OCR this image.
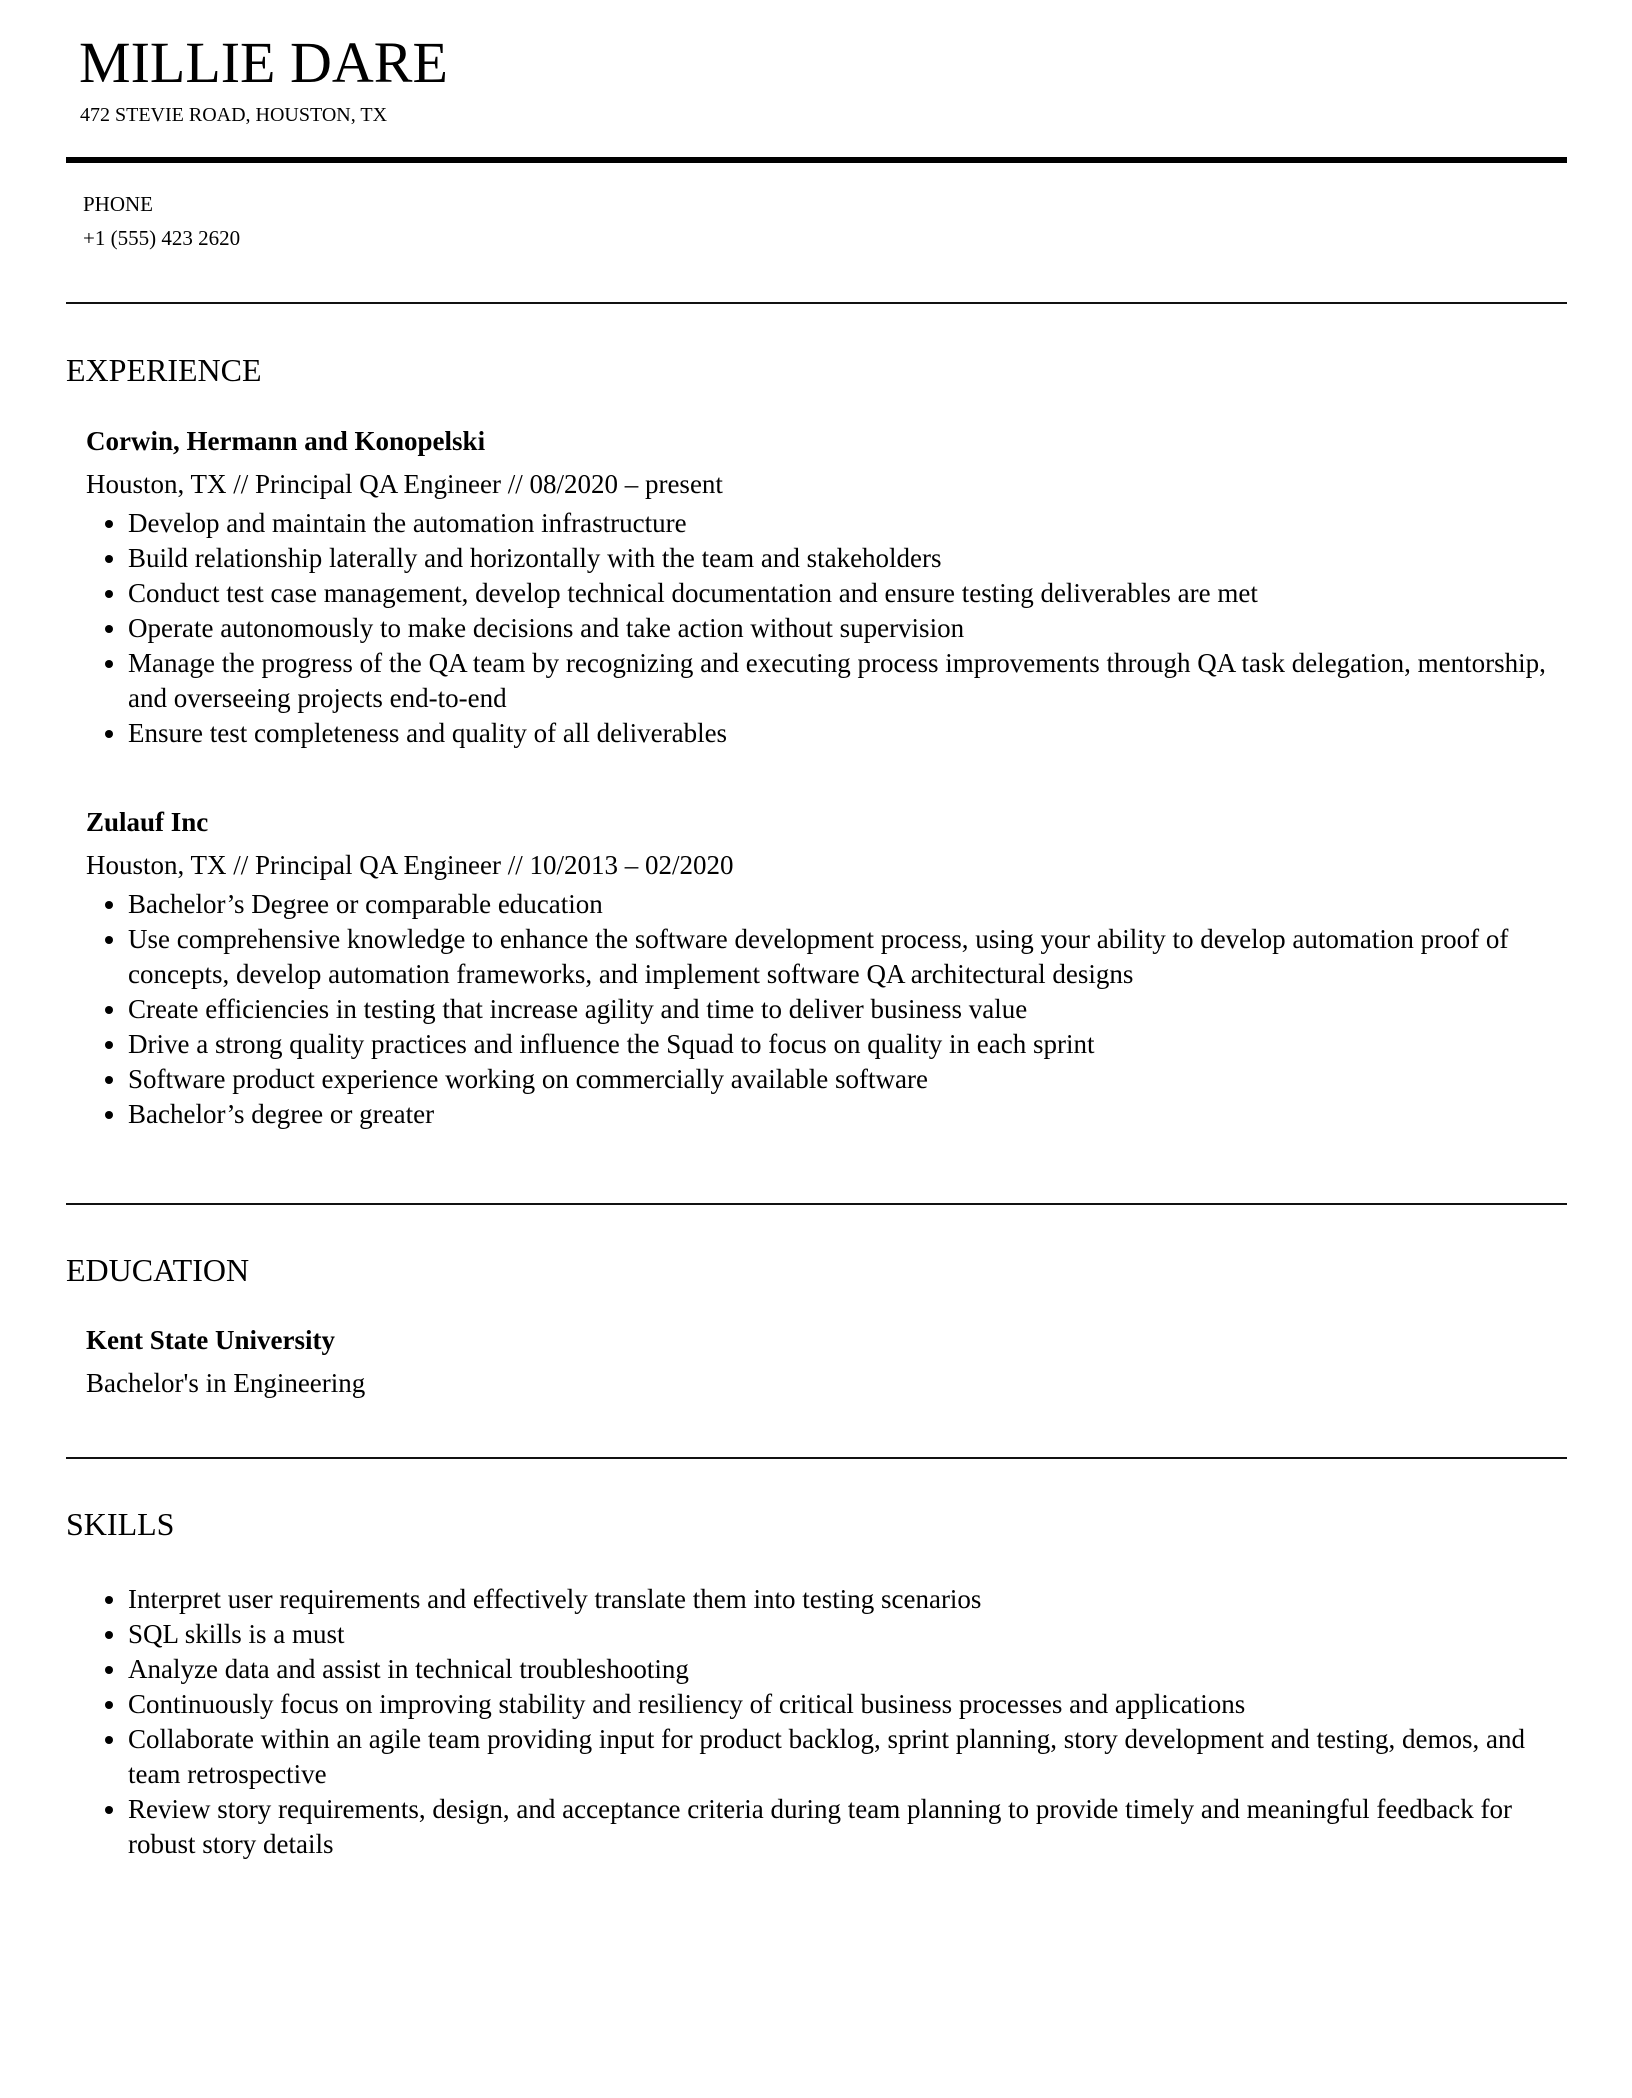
MILLIE DARE
472 STEVIE ROAD, HOUSTON, TX
PHONE
+1 (555) 423 2620
EXPERIENCE
Corwin, Hermann and Konopelski
Houston, TX // Principal QA Engineer // 08/2020 – present
Develop and maintain the automation infrastructure
Build relationship laterally and horizontally with the team and stakeholders
Conduct test case management, develop technical documentation and ensure testing deliverables are met
Operate autonomously to make decisions and take action without supervision
Manage the progress of the QA team by recognizing and executing process improvements through QA task delegation, mentorship, and overseeing projects end-to-end
Ensure test completeness and quality of all deliverables
Zulauf Inc
Houston, TX // Principal QA Engineer // 10/2013 – 02/2020
Bachelor’s Degree or comparable education
Use comprehensive knowledge to enhance the software development process, using your ability to develop automation proof of concepts, develop automation frameworks, and implement software QA architectural designs
Create efficiencies in testing that increase agility and time to deliver business value
Drive a strong quality practices and influence the Squad to focus on quality in each sprint
Software product experience working on commercially available software
Bachelor’s degree or greater
EDUCATION
Kent State University
Bachelor's in Engineering
SKILLS
Interpret user requirements and effectively translate them into testing scenarios
SQL skills is a must
Analyze data and assist in technical troubleshooting
Continuously focus on improving stability and resiliency of critical business processes and applications
Collaborate within an agile team providing input for product backlog, sprint planning, story development and testing, demos, and team retrospective
Review story requirements, design, and acceptance criteria during team planning to provide timely and meaningful feedback for robust story details
